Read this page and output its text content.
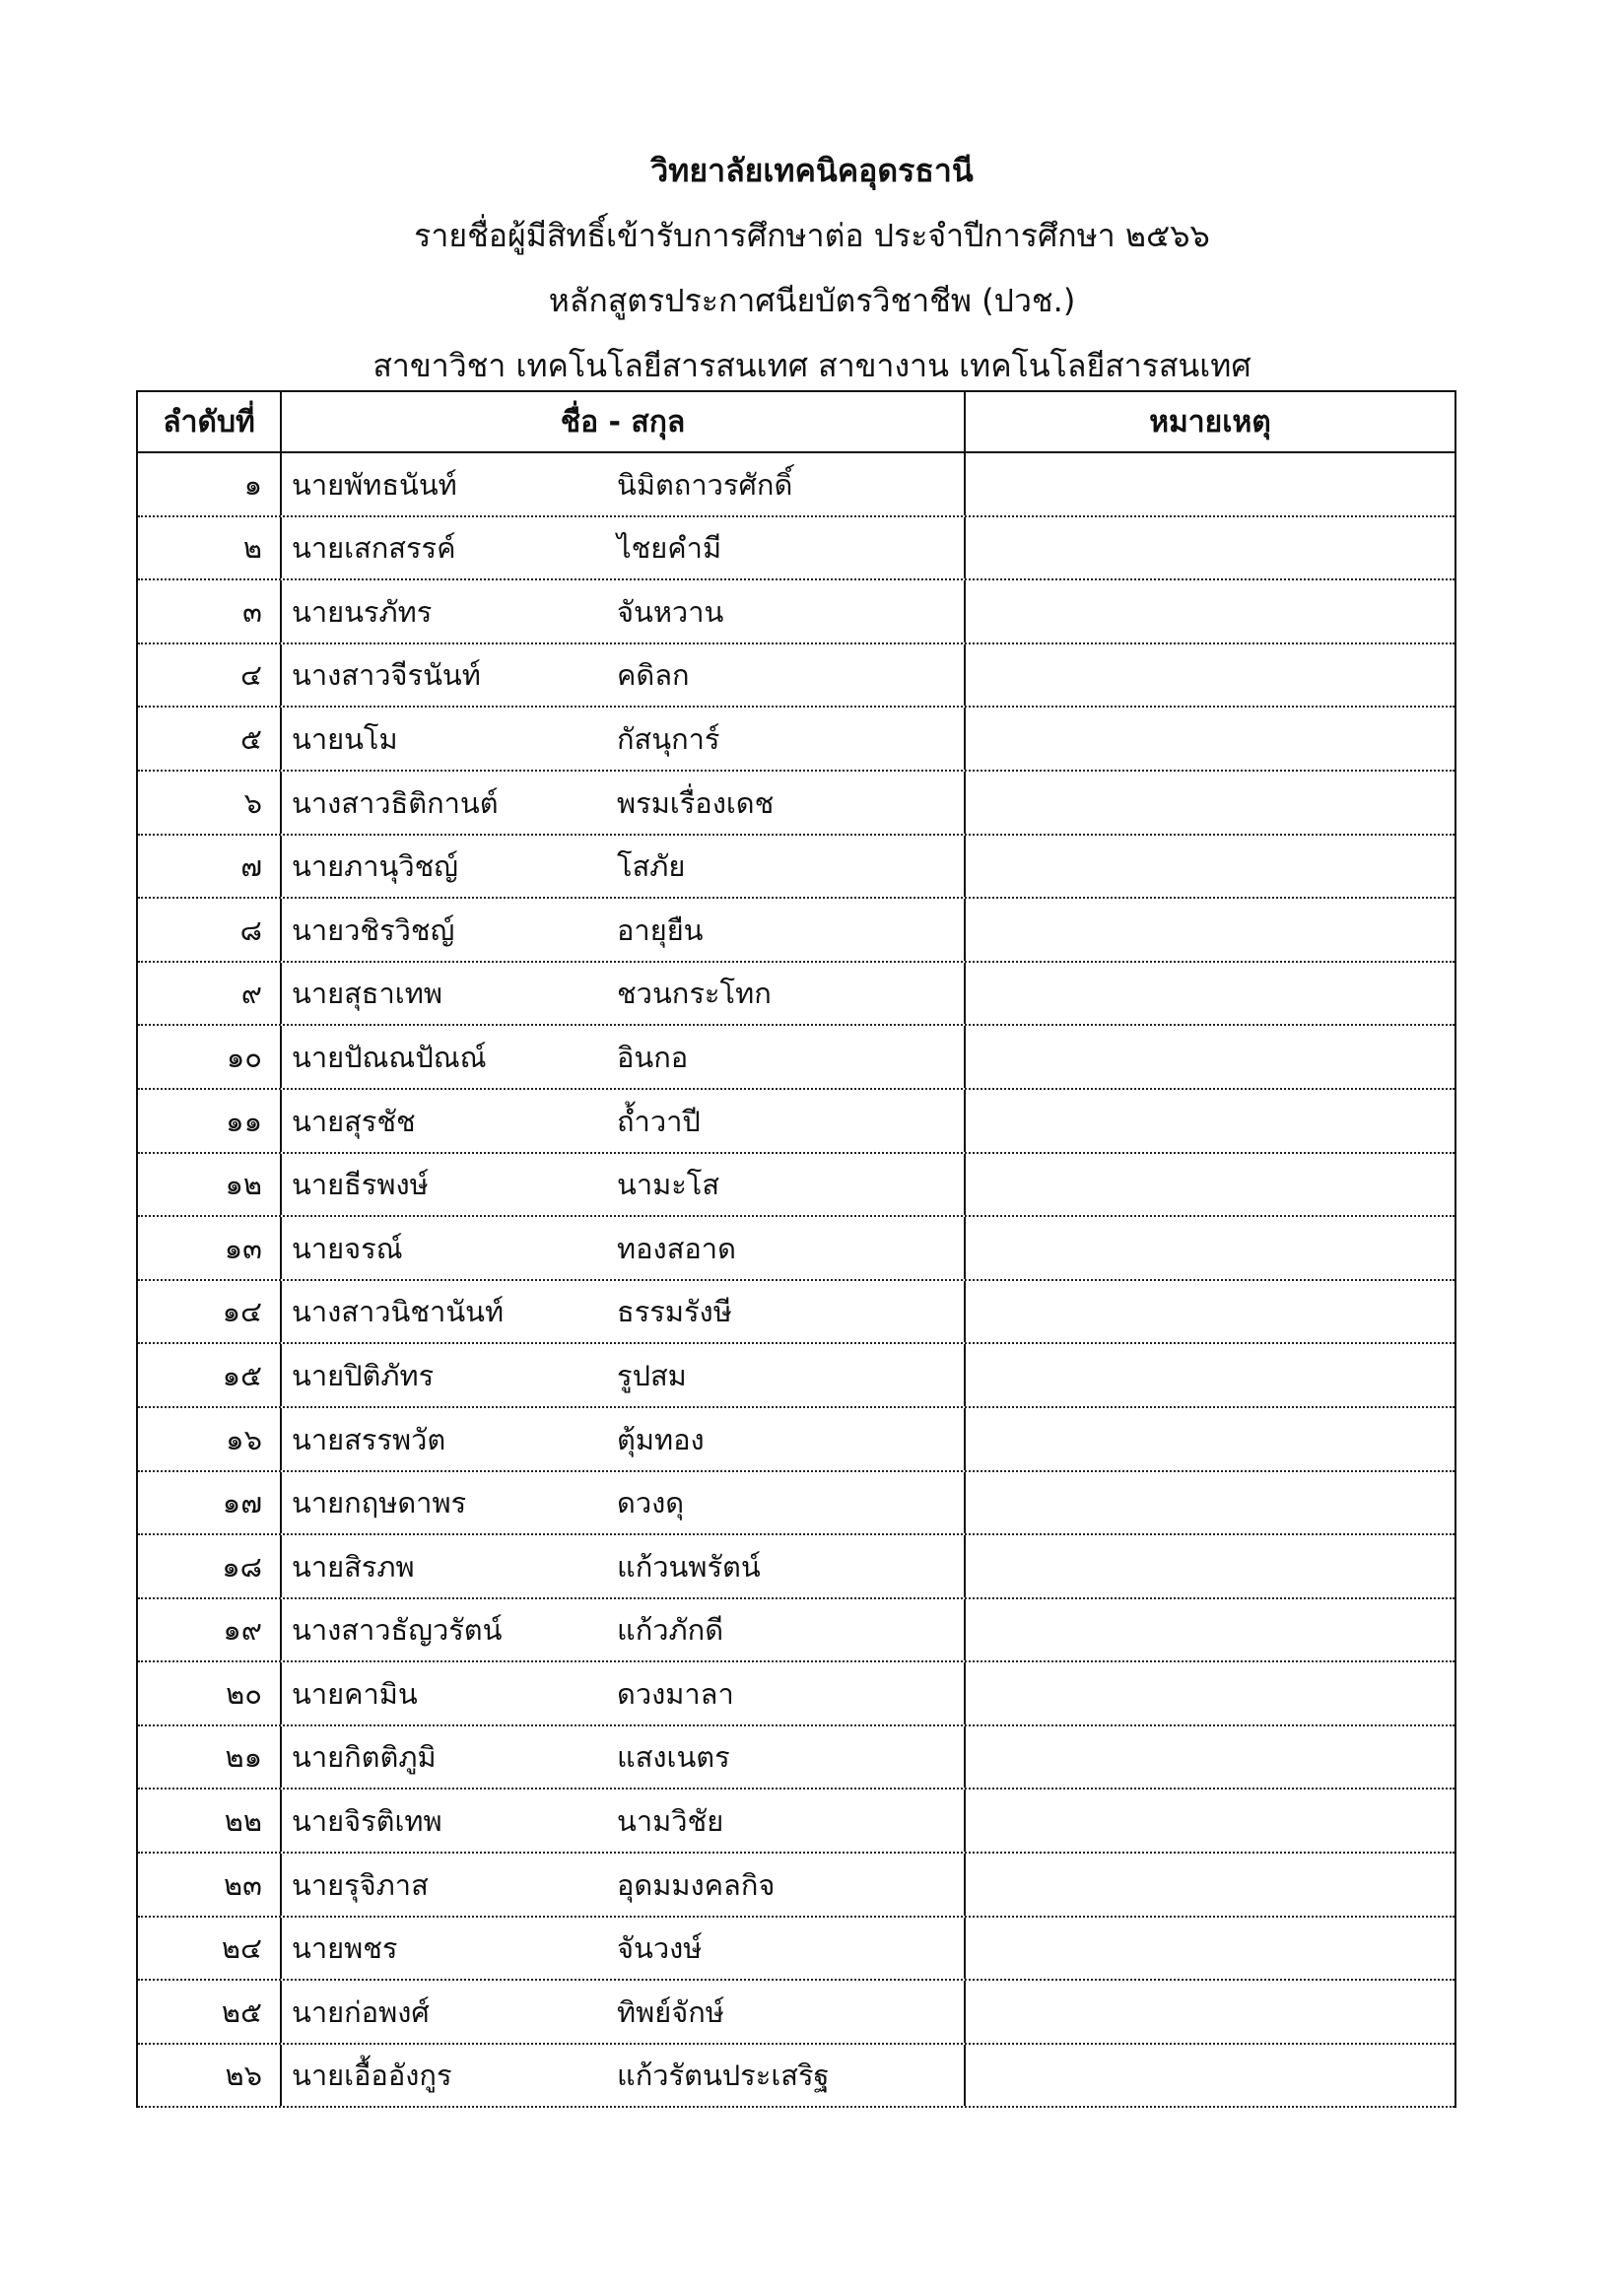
วิทยาลัยเทคนิคอุดรธานี
รายชื่อผู้มีสิทธิ์เข้ารับการศึกษาต่อ ประจำปีการศึกษา ๒๕๖๖
หลักสูตรประกาศนียบัตรวิชาชีพ (ปวช.)
สาขาวิชา เทคโนโลยีสารสนเทศ สาขางาน เทคโนโลยีสารสนเทศ
ลำดับที่	ชื่อ - สกุล	หมายเหตุ
๑	นายพัทธนันท์	นิมิตถาวรศักดิ์
๒	นายเสกสรรค์	ไชยคำมี
๓	นายนรภัทร	จันหวาน
๔	นางสาวจีรนันท์	คดิลก
๕	นายนโม	กัสนุการ์
๖	นางสาวธิติกานต์	พรมเรื่องเดช
๗	นายภานุวิชญ์	โสภัย
๘	นายวชิรวิชญ์	อายุยืน
๙	นายสุธาเทพ	ชวนกระโทก
๑๐	นายปัณณปัณณ์	อินกอ
๑๑	นายสุรชัช	ถ้ำวาปี
๑๒	นายธีรพงษ์	นามะโส
๑๓	นายจรณ์	ทองสอาด
๑๔	นางสาวนิชานันท์	ธรรมรังษี
๑๕	นายปิติภัทร	รูปสม
๑๖	นายสรรพวัต	ตุ้มทอง
๑๗	นายกฤษดาพร	ดวงดุ
๑๘	นายสิรภพ	แก้วนพรัตน์
๑๙	นางสาวธัญวรัตน์	แก้วภักดี
๒๐	นายคามิน	ดวงมาลา
๒๑	นายกิตติภูมิ	แสงเนตร
๒๒	นายจิรติเทพ	นามวิชัย
๒๓	นายรุจิภาส	อุดมมงคลกิจ
๒๔	นายพชร	จันวงษ์
๒๕	นายก่อพงศ์	ทิพย์จักษ์
๒๖	นายเอื้ออังกูร	แก้วรัตนประเสริฐ
